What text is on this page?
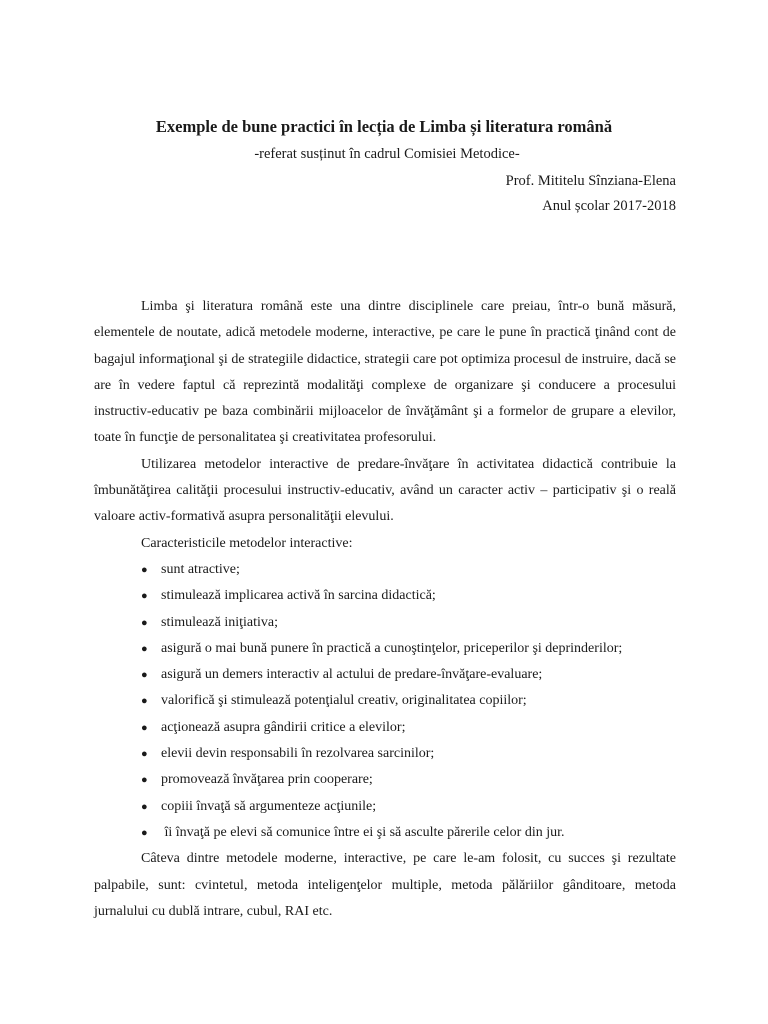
Exemple de bune practici în lecția de Limba și literatura română
-referat susținut în cadrul Comisiei Metodice-
Prof. Mititelu Sînziana-Elena
Anul școlar 2017-2018

Limba şi literatura română este una dintre disciplinele care preiau, într-o bună măsură, elementele de noutate, adică metodele moderne, interactive, pe care le pune în practică ţinând cont de bagajul informaţional şi de strategiile didactice, strategii care pot optimiza procesul de instruire, dacă se are în vedere faptul că reprezintă modalităţi complexe de organizare şi conducere a procesului instructiv-educativ pe baza combinării mijloacelor de învăţământ şi a formelor de grupare a elevilor, toate în funcţie de personalitatea şi creativitatea profesorului.

Utilizarea metodelor interactive de predare-învăţare în activitatea didactică contribuie la îmbunătăţirea calităţii procesului instructiv-educativ, având un caracter activ – participativ şi o reală valoare activ-formativă asupra personalităţii elevului.

Caracteristicile metodelor interactive:

● sunt atractive;
● stimulează implicarea activă în sarcina didactică;
● stimulează iniţiativa;
● asigură o mai bună punere în practică a cunoştinţelor, priceperilor şi deprinderilor;
● asigură un demers interactiv al actului de predare-învăţare-evaluare;
● valorifică şi stimulează potenţialul creativ, originalitatea copiilor;
● acţionează asupra gândirii critice a elevilor;
● elevii devin responsabili în rezolvarea sarcinilor;
● promovează învăţarea prin cooperare;
● copiii învaţă să argumenteze acţiunile;
● îi învaţă pe elevi să comunice între ei şi să asculte părerile celor din jur.

Câteva dintre metodele moderne, interactive, pe care le-am folosit, cu succes şi rezultate palpabile, sunt: cvintetul, metoda inteligenţelor multiple, metoda pălăriilor gânditoare, metoda jurnalului cu dublă intrare, cubul, RAI etc.
